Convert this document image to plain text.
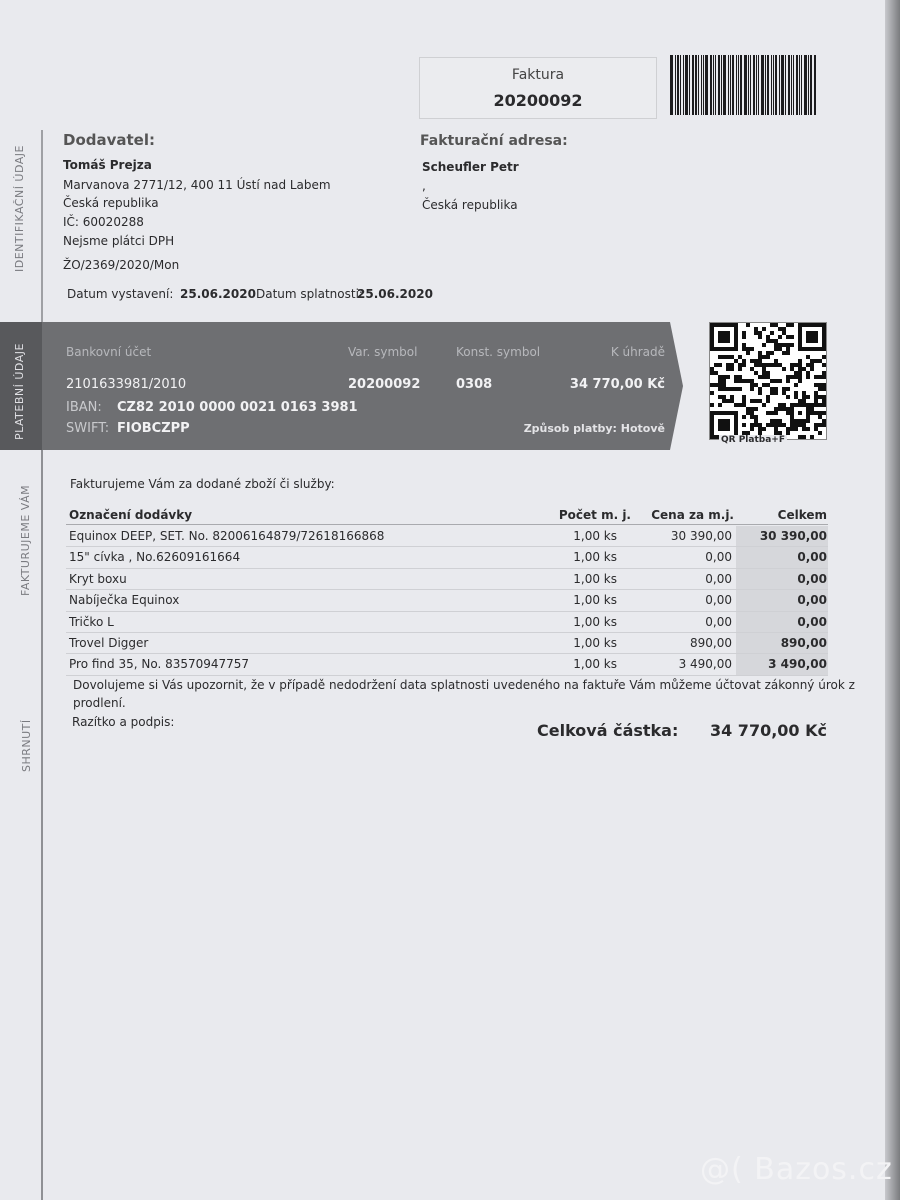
IDENTIFIKAČNÍ ÚDAJE
PLATEBNÍ ÚDAJE
FAKTURUJEME VÁM
SHRNUTÍ
Faktura
20200092
Dodavatel:
Tomáš Prejza
Marvanova 2771/12, 400 11 Ústí nad Labem
Česká republika
IČ: 60020288
Nejsme plátci DPH
ŽO/2369/2020/Mon
Fakturační adresa:
Scheufler Petr
,
Česká republika
Datum vystavení: 25.06.2020 Datum splatnosti:
25.06.2020
Bankovní účet	Var. symbol	Konst. symbol	K úhradě
2101633981/2010	20200092	0308	34 770,00 Kč
IBAN: CZ82 2010 0000 0021 0163 3981
SWIFT: FIOBCZPP	Způsob platby: Hotově
QR Platba+F
Fakturujeme Vám za dodané zboží či služby:
Označení dodávky	Počet m. j.	Cena za m.j.	Celkem
Equinox DEEP, SET. No. 82006164879/72618166868	1,00 ks	30 390,00	30 390,00
15" cívka , No.62609161664	1,00 ks	0,00	0,00
Kryt boxu	1,00 ks	0,00	0,00
Nabíječka Equinox	1,00 ks	0,00	0,00
Tričko L	1,00 ks	0,00	0,00
Trovel Digger	1,00 ks	890,00	890,00
Pro find 35, No. 83570947757	1,00 ks	3 490,00	3 490,00
Dovolujeme si Vás upozornit, že v případě nedodržení data splatnosti uvedeného na faktuře Vám můžeme účtovat zákonný úrok z
prodlení.
Razítko a podpis:	Celková částka:	34 770,00 Kč
@( Bazos.cz
